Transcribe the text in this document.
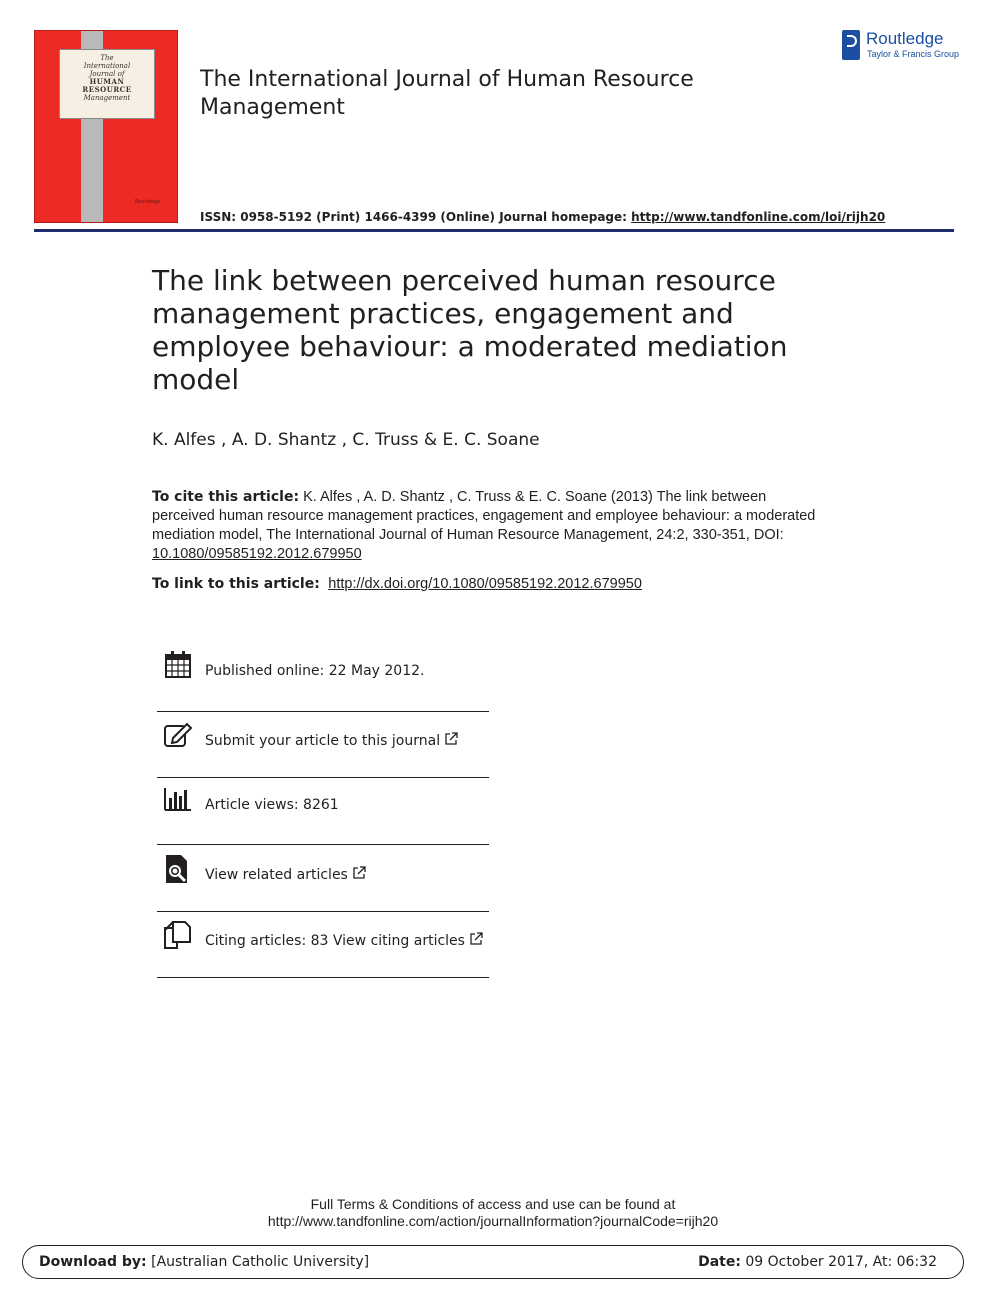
The
International
Journal of
HUMAN
RESOURCE
Management
Routledge
The International Journal of Human Resource Management
Routledge
Taylor & Francis Group
ISSN: 0958-5192 (Print) 1466-4399 (Online) Journal homepage: http://www.tandfonline.com/loi/rijh20
The link between perceived human resource management practices, engagement and employee behaviour: a moderated mediation model
K. Alfes , A. D. Shantz , C. Truss & E. C. Soane
To cite this article: K. Alfes , A. D. Shantz , C. Truss & E. C. Soane (2013) The link between perceived human resource management practices, engagement and employee behaviour: a moderated mediation model, The International Journal of Human Resource Management, 24:2, 330-351, DOI: 10.1080/09585192.2012.679950
To link to this article: http://dx.doi.org/10.1080/09585192.2012.679950
Published online: 22 May 2012.
Submit your article to this journal
Article views: 8261
View related articles
Citing articles: 83 View citing articles
Full Terms & Conditions of access and use can be found at
http://www.tandfonline.com/action/journalInformation?journalCode=rijh20
Download by: [Australian Catholic University]	Date: 09 October 2017, At: 06:32
